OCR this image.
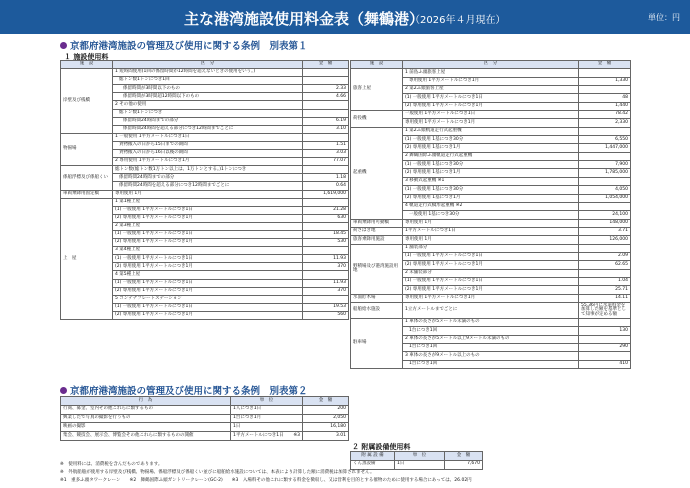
主な港湾施設使用料金表（舞鶴港）
（2026年４月現在）	単位：円
京都府港湾施設の管理及び使用に関する条例　別表第１
１ 施設使用料
施　設	区　分	金　額
岸壁及び桟橋	1 短時間使用(1回の係留時間が12時間を超えないときの使用をいう。)	
	総トン数1トンにつき1回	
	係留時間が3時間以下のもの	2.33
	係留時間が3時間超12時間以下のもの	4.66
	2 その他の使用	
	総トン数1トンにつき	
	係留時間24時間までの部分	6.19
	係留時間24時間を超える部分につき12時間までごとに	3.10
物揚場	1 一般使用 1平方メートルにつき1日	
	貨物搬入の日から15日までの期間	1.51
	貨物搬入の日から16日以後の期間	3.03
	2 専用使用 1平方メートルにつき1月	77.07
係船浮標及び係船くい	総トン数(総トン数1万トン以上は、1万トンとする。)1トンにつき	
	係留時間24時間までの部分	1.18
	係留時間24時間を超える部分につき12時間までごとに	0.64
車両乗降用固定橋	専用使用 1月	1,619,000
上　屋	1 第1種上屋	
	(1) 一般使用 1平方メートルにつき1日	21.28
	(2) 専用使用 1平方メートルにつき1月	630
	2 第3種上屋	
	(1) 一般使用 1平方メートルにつき1日	18.45
	(2) 専用使用 1平方メートルにつき1月	530
	3 第4種上屋	
	(1) 一般使用 1平方メートルにつき1日	11.93
	(2) 専用使用 1平方メートルにつき1月	370
	4 第5種上屋	
	(1) 一般使用 1平方メートルにつき1日	11.93
	(2) 専用使用 1平方メートルにつき1月	370
	5 コンテナフレートステーション	
	(1) 一般使用 1平方メートルにつき1日	19.53
	(2) 専用使用 1平方メートルにつき1月	560
施　設	区　分	金　額
旅客上屋	1 前島ふ頭旅客上屋	
	専用使用 1平方メートルにつき1月	1,330
	2 第2ふ頭旅客上屋	
	(1) 一般使用 1平方メートルにつき1日	48
	(2) 専用使用 1平方メートルにつき1月	1,440
荷役機	一般使用 1平方メートルにつき1日	78.42
	専用使用 1平方メートルにつき1月	2,330
起重機	1 第2ふ頭軌道走行式起重機	
	(1) 一般使用 1基につき30分	6,550
	(2) 専用使用 1基につき1月	1,447,000
	2 舞鶴国際ふ頭軌道走行式起重機	
	(1) 一般使用 1基につき30分	7,900
	(2) 専用使用 1基につき1月	1,785,000
	3 移動式起重機 ※1	
	(1) 一般使用 1基につき30分	4,050
	(2) 専用使用 1基につき1月	1,054,000
	4 軌道走行式橋形起重機 ※2	
	一般使用 1基につき30分	24,100
車両乗降用可動橋	専用使用 1月	148,000
荷さばき地	1平方メートルにつき1日	3.71
旅客乗降用施設	専用使用 1月	126,000
野積場及び港湾施設用地	1 舗装部分	
	(1) 一般使用 1平方メートルにつき1日	2.09
	(2) 専用使用 1平方メートルにつき1月	62.65
	2 未舗装部分	
	(1) 一般使用 1平方メートルにつき1日	1.04
	(2) 専用使用 1平方メートルにつき1月	25.71
水面貯木場	専用使用 1平方メートルにつき1月	14.11
船舶給水施設	1立方メートルまでごとに	55.36円に水道料金を加算した額を基準として知事が定める額
駐車場	1 車体の長さが5メートル未満のもの	
	1台につき1回	130
	2 車体の長さが5メートル以上9メートル未満のもの	
	1台につき1回	290
	3 車体の長さが9メートル以上のもの	
	1台につき1回	410
京都府港湾施設の管理及び使用に関する条例　別表第２
行　為	単　位	金　額
行商、募金、室内その他これらに類するもの	1人につき1日	200
興業したで写真の撮影を行うもの	1台につき1月	2,050
映画の撮影	1日	16,180
集会、競技会、展示会、博覧会その他これらに類するものの開催	1平方メートルにつき1日 ※3	3.01
２ 附属設備使用料
附 属 設 備	単　位	金　額
くん蒸設備	1日	7,670
※　使用料には、消費税を含んだものであります。
※　外航船舶が使用する岸壁及び桟橋、物揚場、係船浮標及び係船くい並びに船舶給水施設については、本表により計算した額に消費税は加算されません。
※1　重多ふ頭タワークレーン　　※2　舞鶴国際ふ頭ガントリークレーン(GC-2)　　※3　入場料その他これに類する料金を徴収し、又は営利を目的とする催物のために使用する場合にあっては、26.02円
